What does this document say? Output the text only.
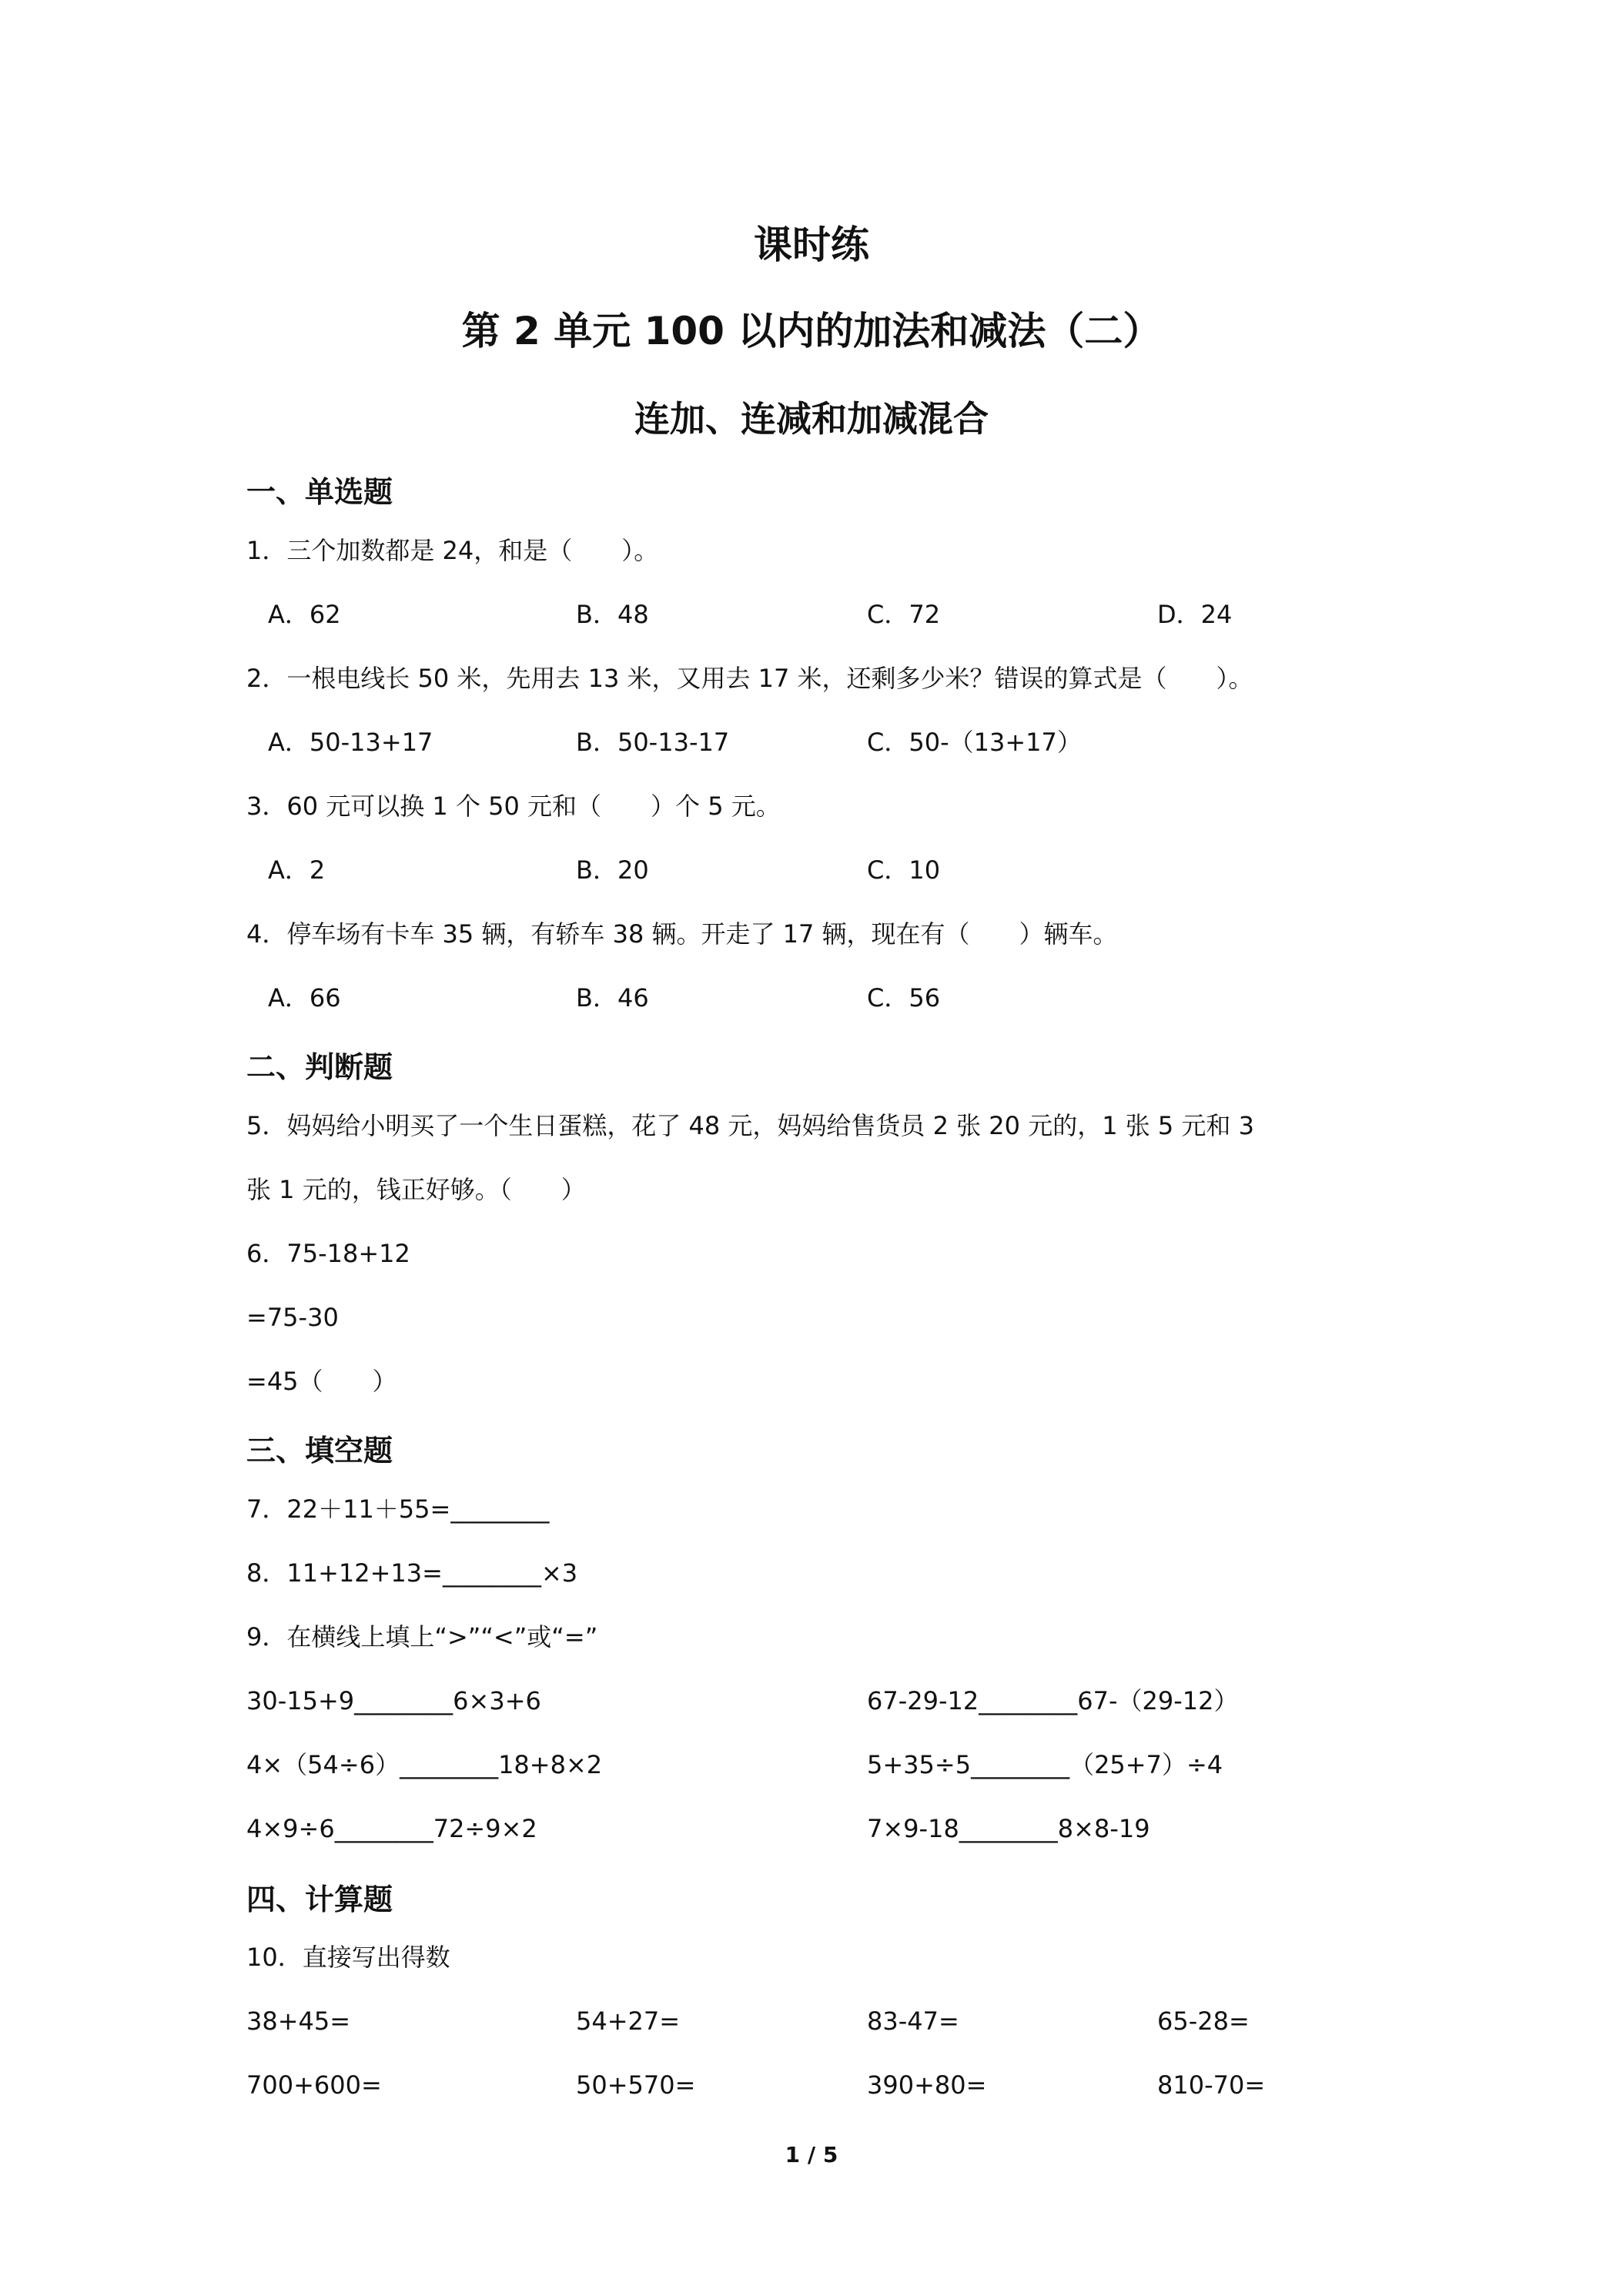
课时练
第 2 单元 100 以内的加法和减法（二）
连加、连减和加减混合
一、单选题
1．三个加数都是 24，和是（　　）。
A．62	B．48	C．72	D．24
2．一根电线长 50 米，先用去 13 米，又用去 17 米，还剩多少米？错误的算式是（　　）。
A．50-13+17	B．50-13-17	C．50-（13+17）
3．60 元可以换 1 个 50 元和（　　）个 5 元。
A．2	B．20	C．10
4．停车场有卡车 35 辆，有轿车 38 辆。开走了 17 辆，现在有（　　）辆车。
A．66	B．46	C．56
二、判断题
5．妈妈给小明买了一个生日蛋糕，花了 48 元，妈妈给售货员 2 张 20 元的，1 张 5 元和 3
张 1 元的，钱正好够。（　　）
6．75-18+12
=75-30
=45（　　）
三、填空题
7．22＋11＋55=________
8．11+12+13=________×3
9．在横线上填上“>”“<”或“=”
30-15+9________6×3+6	67-29-12________67-（29-12）
4×（54÷6）________18+8×2	5+35÷5________（25+7）÷4
4×9÷6________72÷9×2	7×9-18________8×8-19
四、计算题
10．直接写出得数
38+45=	54+27=	83-47=	65-28=
700+600=	50+570=	390+80=	810-70=
1 / 5
